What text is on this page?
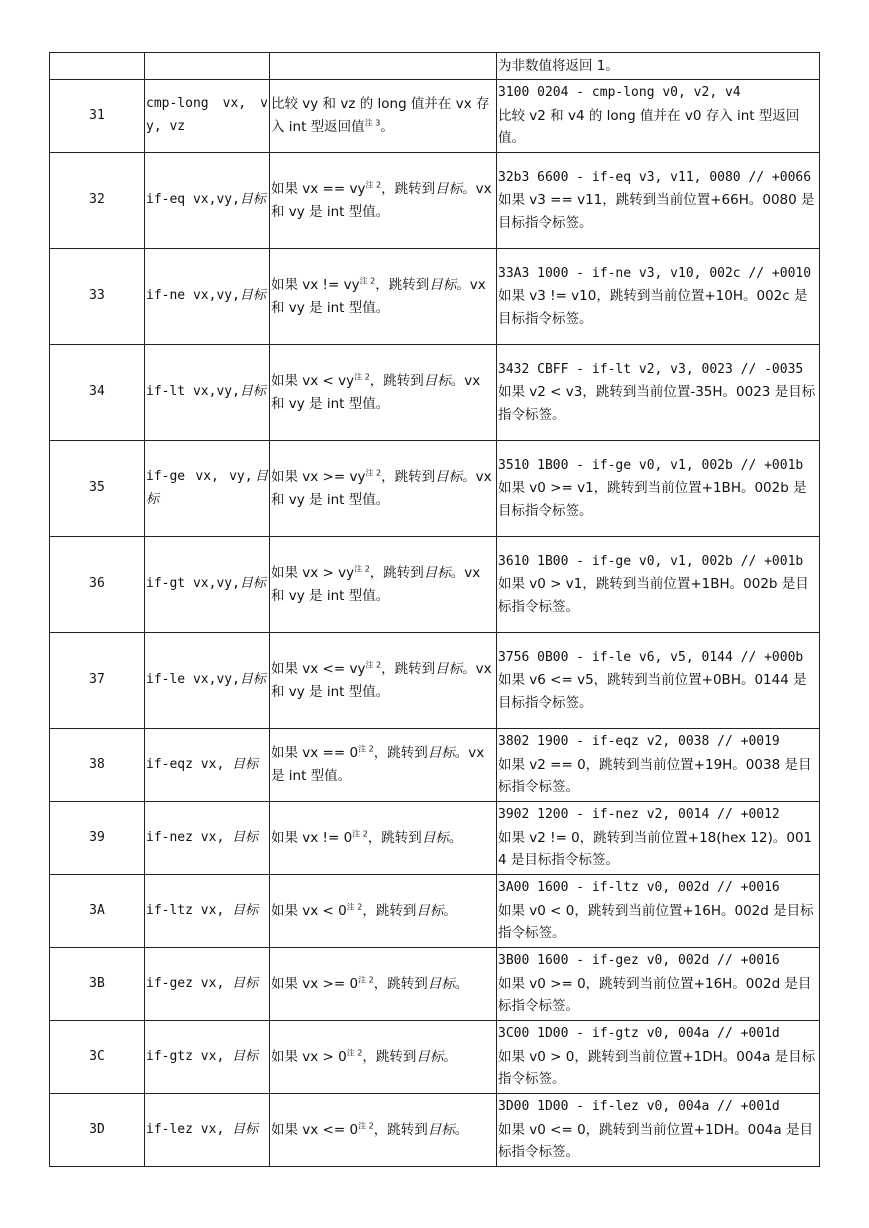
			为非数值将返回 1。
31	cmp-long vx, vy, vz	比较 vy 和 vz 的 long 值并在 vx 存入 int 型返回值$^{注 3}$。	3100 0204 - cmp-long v0, v2, v4
比较 v2 和 v4 的 long 值并在 v0 存入 int 型返回值。

32	if-eq vx,vy,目标	如果 vx == vy$^{注 2}$，跳转到目标。vx 和 vy 是 int 型值。	32b3 6600 - if-eq v3, v11, 0080 // +0066
如果 v3 == v11，跳转到当前位置+66H。0080 是目标指令标签。

33	if-ne vx,vy,目标	如果 vx != vy$^{注 2}$，跳转到目标。vx 和 vy 是 int 型值。	33A3 1000 - if-ne v3, v10, 002c // +0010
如果 v3 != v10，跳转到当前位置+10H。002c 是目标指令标签。

34	if-lt vx,vy,目标	如果 vx < vy$^{注 2}$，跳转到目标。vx 和 vy 是 int 型值。	3432 CBFF - if-lt v2, v3, 0023 // -0035
如果 v2 < v3，跳转到当前位置-35H。0023 是目标指令标签。

35	if-ge vx, vy,目标	如果 vx >= vy$^{注 2}$，跳转到目标。vx 和 vy 是 int 型值。	3510 1B00 - if-ge v0, v1, 002b // +001b
如果 v0 >= v1，跳转到当前位置+1BH。002b 是目标指令标签。

36	if-gt vx,vy,目标	如果 vx > vy$^{注 2}$，跳转到目标。vx 和 vy 是 int 型值。	3610 1B00 - if-ge v0, v1, 002b // +001b
如果 v0 > v1，跳转到当前位置+1BH。002b 是目标指令标签。

37	if-le vx,vy,目标	如果 vx <= vy$^{注 2}$，跳转到目标。vx 和 vy 是 int 型值。	3756 0B00 - if-le v6, v5, 0144 // +000b
如果 v6 <= v5，跳转到当前位置+0BH。0144 是目标指令标签。

38	if-eqz vx, 目标	如果 vx == 0$^{注 2}$，跳转到目标。vx 是 int 型值。	3802 1900 - if-eqz v2, 0038 // +0019
如果 v2 == 0，跳转到当前位置+19H。0038 是目标指令标签。

39	if-nez vx, 目标	如果 vx != 0$^{注 2}$，跳转到目标。	3902 1200 - if-nez v2, 0014 // +0012
如果 v2 != 0，跳转到当前位置+18(hex 12)。0014 是目标指令标签。

3A	if-ltz vx, 目标	如果 vx < 0$^{注 2}$，跳转到目标。	3A00 1600 - if-ltz v0, 002d // +0016
如果 v0 < 0，跳转到当前位置+16H。002d 是目标指令标签。

3B	if-gez vx, 目标	如果 vx >= 0$^{注 2}$，跳转到目标。	3B00 1600 - if-gez v0, 002d // +0016
如果 v0 >= 0，跳转到当前位置+16H。002d 是目标指令标签。

3C	if-gtz vx, 目标	如果 vx > 0$^{注 2}$，跳转到目标。	3C00 1D00 - if-gtz v0, 004a // +001d
如果 v0 > 0，跳转到当前位置+1DH。004a 是目标指令标签。

3D	if-lez vx, 目标	如果 vx <= 0$^{注 2}$，跳转到目标。	3D00 1D00 - if-lez v0, 004a // +001d
如果 v0 <= 0，跳转到当前位置+1DH。004a 是目标指令标签。
